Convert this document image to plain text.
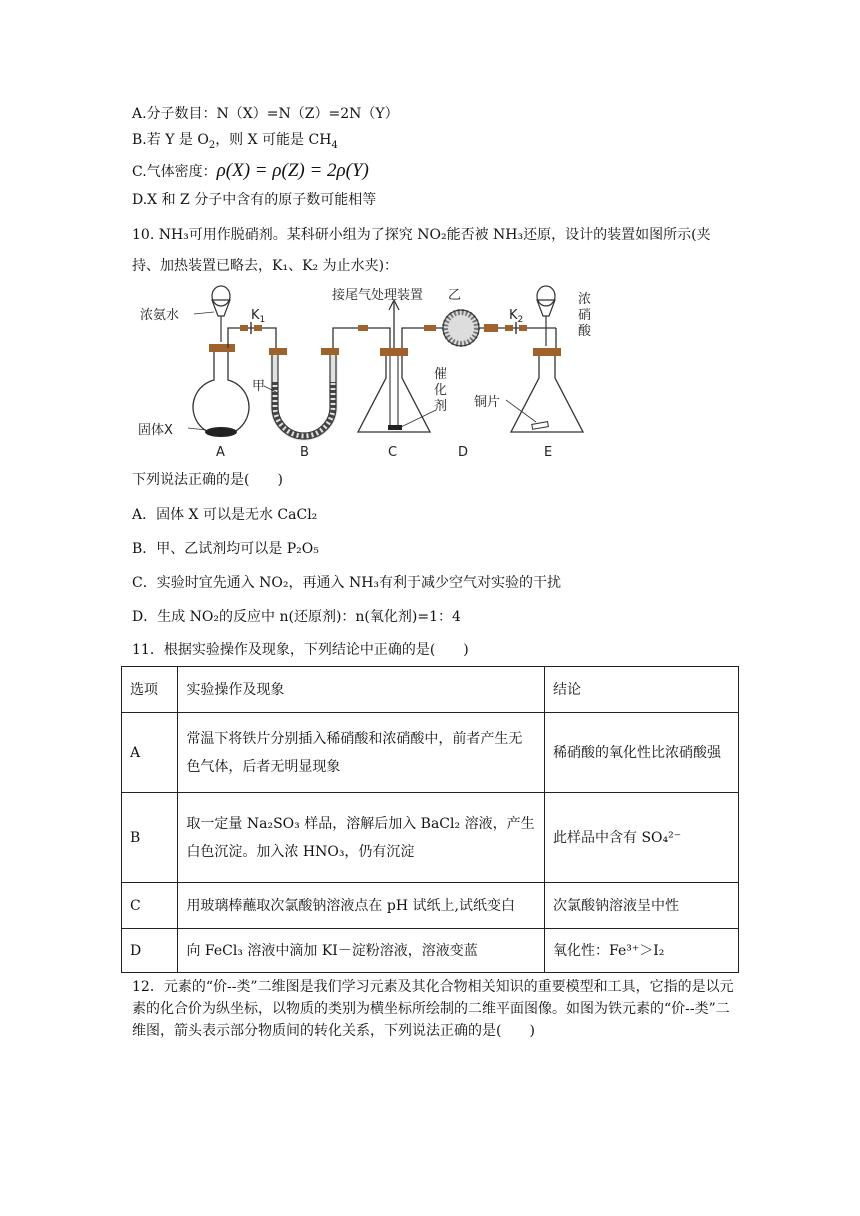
A.分子数目：N（X）=N（Z）=2N（Y）
B.若 Y 是 $O_2$，则 X 可能是 $CH_4$
C.气体密度：ρ(X) = ρ(Z) = 2ρ(Y)
D.X 和 Z 分子中含有的原子数可能相等
10. NH₃可用作脱硝剂。某科研小组为了探究 NO₂能否被 NH₃还原，设计的装置如图所示(夹
持、加热装置已略去，K₁、K₂ 为止水夹)：
浓氨水
固体X
$K_1$
甲
接尾气处理装置 乙
$K_2$
催
化
剂 铜片
浓
硝
酸
A	B	C	D	E
下列说法正确的是(　　)
A．固体 X 可以是无水 CaCl₂
B．甲、乙试剂均可以是 P₂O₅
C．实验时宜先通入 NO₂，再通入 NH₃有利于减少空气对实验的干扰
D．生成 NO₂的反应中 n(还原剂)：n(氧化剂)=1：4
11．根据实验操作及现象，下列结论中正确的是(　　)
选项	实验操作及现象	结论
A	常温下将铁片分别插入稀硝酸和浓硝酸中，前者产生无色气体，后者无明显现象	稀硝酸的氧化性比浓硝酸强
B	取一定量 Na₂SO₃ 样品，溶解后加入 BaCl₂ 溶液，产生白色沉淀。加入浓 HNO₃，仍有沉淀	此样品中含有 SO₄²⁻
C	用玻璃棒蘸取次氯酸钠溶液点在 pH 试纸上,试纸变白	次氯酸钠溶液呈中性
D	向 FeCl₃ 溶液中滴加 KI－淀粉溶液，溶液变蓝	氧化性：Fe³⁺＞I₂
12．元素的“价--类”二维图是我们学习元素及其化合物相关知识的重要模型和工具，它指的是以元素的化合价为纵坐标，以物质的类别为横坐标所绘制的二维平面图像。如图为铁元素的“价--类”二维图，箭头表示部分物质间的转化关系，下列说法正确的是(　　)
